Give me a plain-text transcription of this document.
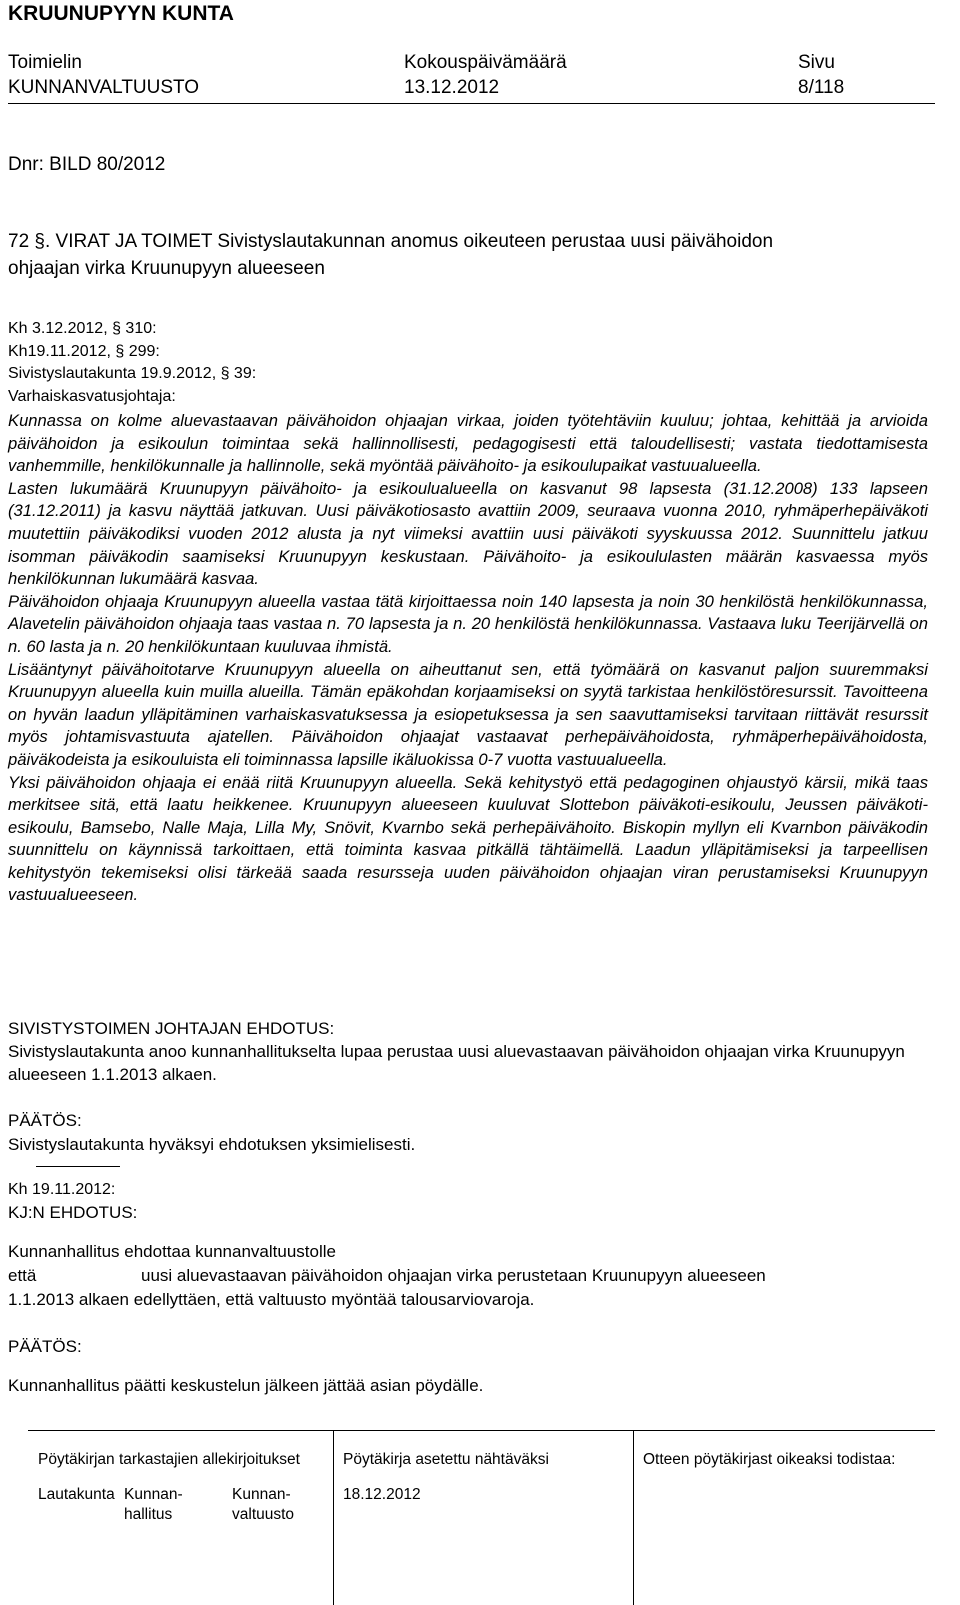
KRUUNUPYYN KUNTA
Toimielin
KUNNANVALTUUSTO
Kokouspäivämäärä
13.12.2012
Sivu
8/118
Dnr: BILD 80/2012
72 §. VIRAT JA TOIMET Sivistyslautakunnan anomus oikeuteen perustaa uusi päivähoidon
ohjaajan virka Kruunupyyn alueeseen
Kh 3.12.2012, § 310:
Kh19.11.2012, § 299:
Sivistyslautakunta 19.9.2012, § 39:
Varhaiskasvatusjohtaja:
Kunnassa on kolme aluevastaavan päivähoidon ohjaajan virkaa, joiden työtehtäviin kuuluu; johtaa, kehittää ja arvioida päivähoidon ja esikoulun toimintaa sekä hallinnollisesti, pedagogisesti että taloudellisesti; vastata tiedottamisesta vanhemmille, henkilökunnalle ja hallinnolle, sekä myöntää päivähoito- ja esikoulupaikat vastuualueella.
Lasten lukumäärä Kruunupyyn päivähoito- ja esikoulualueella on kasvanut 98 lapsesta (31.12.2008) 133 lapseen (31.12.2011) ja kasvu näyttää jatkuvan. Uusi päiväkotiosasto avattiin 2009, seuraava vuonna 2010, ryhmäperhepäiväkoti muutettiin päiväkodiksi vuoden 2012 alusta ja nyt viimeksi avattiin uusi päiväkoti syyskuussa 2012. Suunnittelu jatkuu isomman päiväkodin saamiseksi Kruunupyyn keskustaan. Päivähoito- ja esikoululasten määrän kasvaessa myös henkilökunnan lukumäärä kasvaa.
Päivähoidon ohjaaja Kruunupyyn alueella vastaa tätä kirjoittaessa noin 140 lapsesta ja noin 30 henkilöstä henkilökunnassa, Alavetelin päivähoidon ohjaaja taas vastaa n. 70 lapsesta ja n. 20 henkilöstä henkilökunnassa. Vastaava luku Teerijärvellä on n. 60 lasta ja n. 20 henkilökuntaan kuuluvaa ihmistä.
Lisääntynyt päivähoitotarve Kruunupyyn alueella on aiheuttanut sen, että työmäärä on kasvanut paljon suuremmaksi Kruunupyyn alueella kuin muilla alueilla. Tämän epäkohdan korjaamiseksi on syytä tarkistaa henkilöstöresurssit. Tavoitteena on hyvän laadun ylläpitäminen varhaiskasvatuksessa ja esiopetuksessa ja sen saavuttamiseksi tarvitaan riittävät resurssit myös johtamisvastuuta ajatellen. Päivähoidon ohjaajat vastaavat perhepäivähoidosta, ryhmäperhepäivähoidosta, päiväkodeista ja esikouluista eli toiminnassa lapsille ikäluokissa 0-7 vuotta vastuualueella.
Yksi päivähoidon ohjaaja ei enää riitä Kruunupyyn alueella. Sekä kehitystyö että pedagoginen ohjaustyö kärsii, mikä taas merkitsee sitä, että laatu heikkenee. Kruunupyyn alueeseen kuuluvat Slottebon päiväkoti-esikoulu, Jeussen päiväkoti-esikoulu, Bamsebo, Nalle Maja, Lilla My, Snövit, Kvarnbo sekä perhepäivähoito. Biskopin myllyn eli Kvarnbon päiväkodin suunnittelu on käynnissä tarkoittaen, että toiminta kasvaa pitkällä tähtäimellä. Laadun ylläpitämiseksi ja tarpeellisen kehitystyön tekemiseksi olisi tärkeää saada resursseja uuden päivähoidon ohjaajan viran perustamiseksi Kruunupyyn vastuualueeseen.
SIVISTYSTOIMEN JOHTAJAN EHDOTUS:
Sivistyslautakunta anoo kunnanhallitukselta lupaa perustaa uusi aluevastaavan päivähoidon ohjaajan virka Kruunupyyn alueeseen 1.1.2013 alkaen.
PÄÄTÖS:
Sivistyslautakunta hyväksyi ehdotuksen yksimielisesti.
Kh 19.11.2012:
KJ:N EHDOTUS:
Kunnanhallitus ehdottaa kunnanvaltuustolle
että	uusi aluevastaavan päivähoidon ohjaajan virka perustetaan Kruunupyyn alueeseen
1.1.2013 alkaen edellyttäen, että valtuusto myöntää talousarviovaroja.
PÄÄTÖS:
Kunnanhallitus päätti keskustelun jälkeen jättää asian pöydälle.
Pöytäkirjan tarkastajien allekirjoitukset
Lautakunta Kunnan-
hallitus
Kunnan-
valtuusto
Pöytäkirja asetettu nähtäväksi
18.12.2012
Otteen pöytäkirjast oikeaksi todistaa:
